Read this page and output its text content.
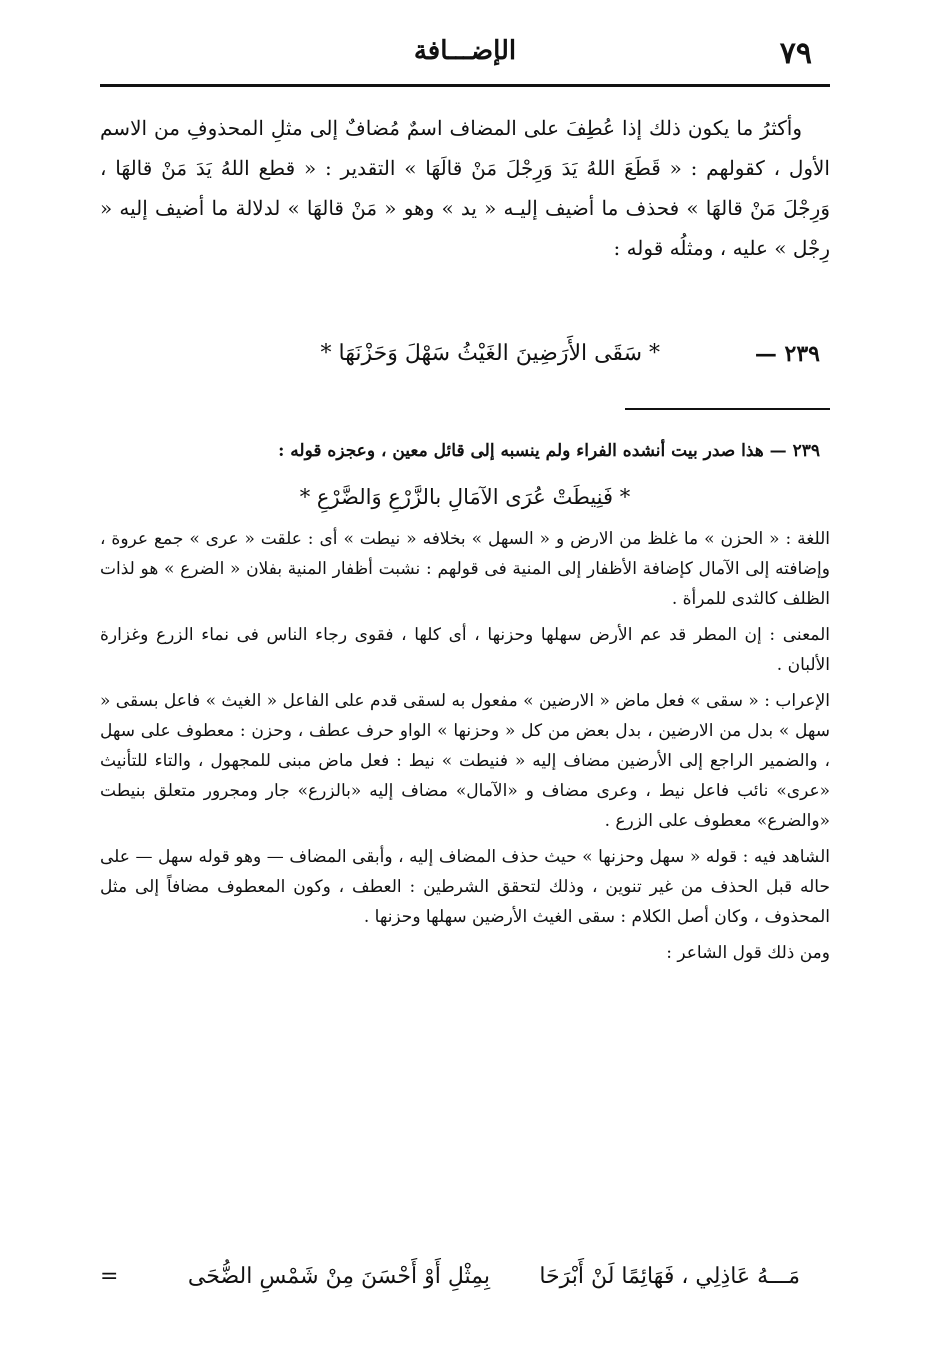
٧٩
الإضـــافة

وأكثرُ ما يكون ذلك إذا عُطِفَ على المضاف اسمٌ مُضافٌ إلى مثلِ المحذوفِ من الاسم الأول ، كقولهم : « قَطَعَ اللهُ يَدَ وَرِجْلَ مَنْ قالَهَا » التقدير : « قطع اللهُ يَدَ مَنْ قالهَا ، وَرِجْلَ مَنْ قالهَا » فحذف ما أضيف إليـه « يد » وهو « مَنْ قالهَا » لدلالة ما أضيف إليه « رِجْل » عليه ، ومثلُه قوله :

٢٣٩ —
* سَقَى الأَرَضِينَ الغَيْثُ سَهْلَ وَحَزْنَهَا *

٢٣٩ — هذا صدر بيت أنشده الفراء ولم ينسبه إلى قائل معين ، وعجزه قوله :

* فَنِيطَتْ عُرَى الآمَالِ بالزَّرْعِ وَالضَّرْعِ *

اللغة : « الحزن » ما غلظ من الارض و « السهل » بخلافه « نيطت » أى : علقت « عرى » جمع عروة ، وإضافته إلى الآمال كإضافة الأظفار إلى المنية فى قولهم : نشبت أظفار المنية بفلان « الضرع » هو لذات الظلف كالثدى للمرأة .

المعنى : إن المطر قد عم الأرض سهلها وحزنها ، أى كلها ، فقوى رجاء الناس فى نماء الزرع وغزارة الألبان .

الإعراب : « سقى » فعل ماض « الارضين » مفعول به لسقى قدم على الفاعل « الغيث » فاعل بسقى « سهل » بدل من الارضين ، بدل بعض من كل « وحزنها » الواو حرف عطف ، وحزن : معطوف على سهل ، والضمير الراجع إلى الأرضين مضاف إليه « فنيطت » نيط : فعل ماض مبنى للمجهول ، والتاء للتأنيث «عرى» نائب فاعل نيط ، وعرى مضاف و «الآمال» مضاف إليه «بالزرع» جار ومجرور متعلق بنيطت «والضرع» معطوف على الزرع .

الشاهد فيه : قوله « سهل وحزنها » حيث حذف المضاف إليه ، وأبقى المضاف — وهو قوله سهل — على حاله قبل الحذف من غير تنوين ، وذلك لتحقق الشرطين : العطف ، وكون المعطوف مضافاً إلى مثل المحذوف ، وكان أصل الكلام : سقى الغيث الأرضين سهلها وحزنها .

ومن ذلك قول الشاعر :

مَـــهُ عَاذِلِي ، فَهَائِمًا لَنْ أَبْرَحَا
بِمِثْلِ أَوْ أَحْسَنَ مِنْ شَمْسِ الضُّحَى
=
